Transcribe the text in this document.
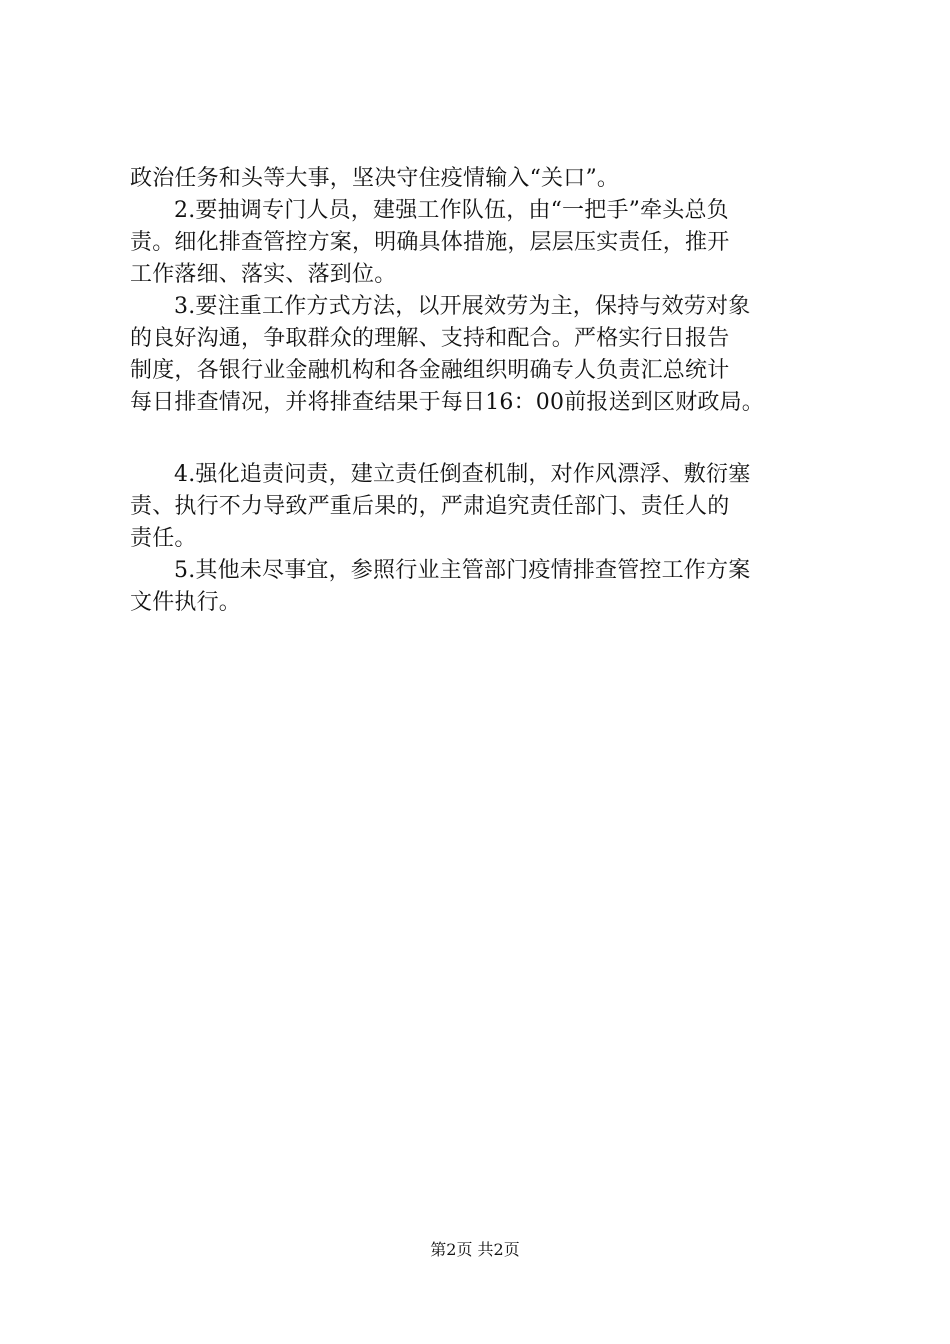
政治任务和头等大事，坚决守住疫情输入“关口”。
2.要抽调专门人员，建强工作队伍，由“一把手”牵头总负
责。细化排查管控方案，明确具体措施，层层压实责任，推开
工作落细、落实、落到位。
3.要注重工作方式方法，以开展效劳为主，保持与效劳对象
的良好沟通，争取群众的理解、支持和配合。严格实行日报告
制度，各银行业金融机构和各金融组织明确专人负责汇总统计
每日排查情况，并将排查结果于每日16：00前报送到区财政局。
4.强化追责问责，建立责任倒查机制，对作风漂浮、敷衍塞
责、执行不力导致严重后果的，严肃追究责任部门、责任人的
责任。
5.其他未尽事宜，参照行业主管部门疫情排查管控工作方案
文件执行。
第2页 共2页
